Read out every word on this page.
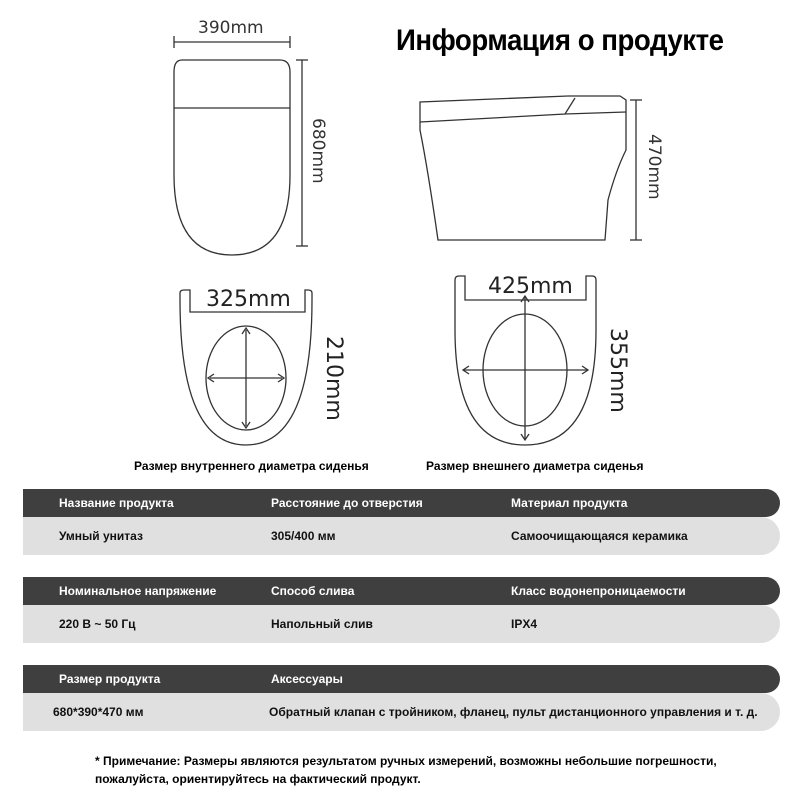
Информация о продукте
390mm
680mm	470mm
325mm
210mm
425mm
355mm
Размер внутреннего диаметра сиденья	Размер внешнего диаметра сиденья
Название продукта	Расстояние до отверстия	Материал продукта
Умный унитаз	305/400 мм	Самоочищающаяся керамика
Номинальное напряжение	Способ слива	Класс водонепроницаемости
220 В ~ 50 Гц	Напольный слив	IPX4
Размер продукта	Аксессуары
680*390*470 мм	Обратный клапан с тройником, фланец, пульт дистанционного управления и т. д.
* Примечание: Размеры являются результатом ручных измерений, возможны небольшие погрешности,
пожалуйста, ориентируйтесь на фактический продукт.
